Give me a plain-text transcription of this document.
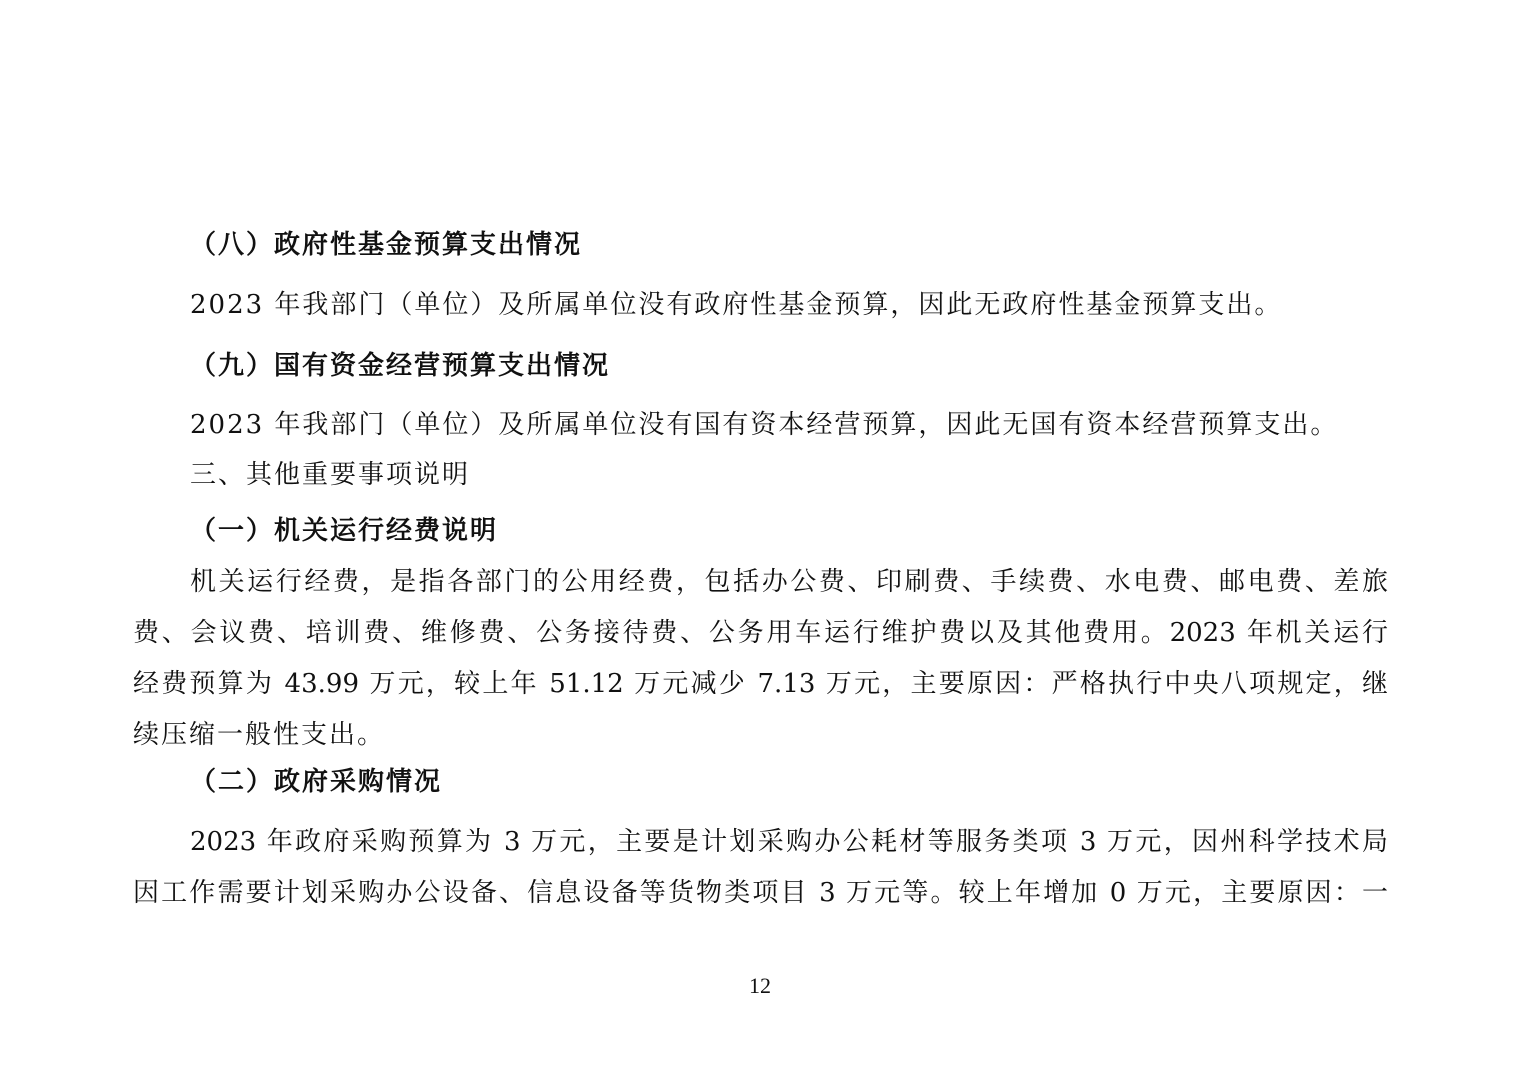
（八）政府性基金预算支出情况
2023 年我部门（单位）及所属单位没有政府性基金预算，因此无政府性基金预算支出。
（九）国有资金经营预算支出情况
2023 年我部门（单位）及所属单位没有国有资本经营预算，因此无国有资本经营预算支出。
三、其他重要事项说明
（一）机关运行经费说明
机关运行经费，是指各部门的公用经费，包括办公费、印刷费、手续费、水电费、邮电费、差旅
费、会议费、培训费、维修费、公务接待费、公务用车运行维护费以及其他费用。2023 年机关运行
经费预算为 43.99 万元，较上年 51.12 万元减少 7.13 万元，主要原因：严格执行中央八项规定，继
续压缩一般性支出。
（二）政府采购情况
2023 年政府采购预算为 3 万元，主要是计划采购办公耗材等服务类项 3 万元，因州科学技术局
因工作需要计划采购办公设备、信息设备等货物类项目 3 万元等。较上年增加 0 万元，主要原因：一
12
